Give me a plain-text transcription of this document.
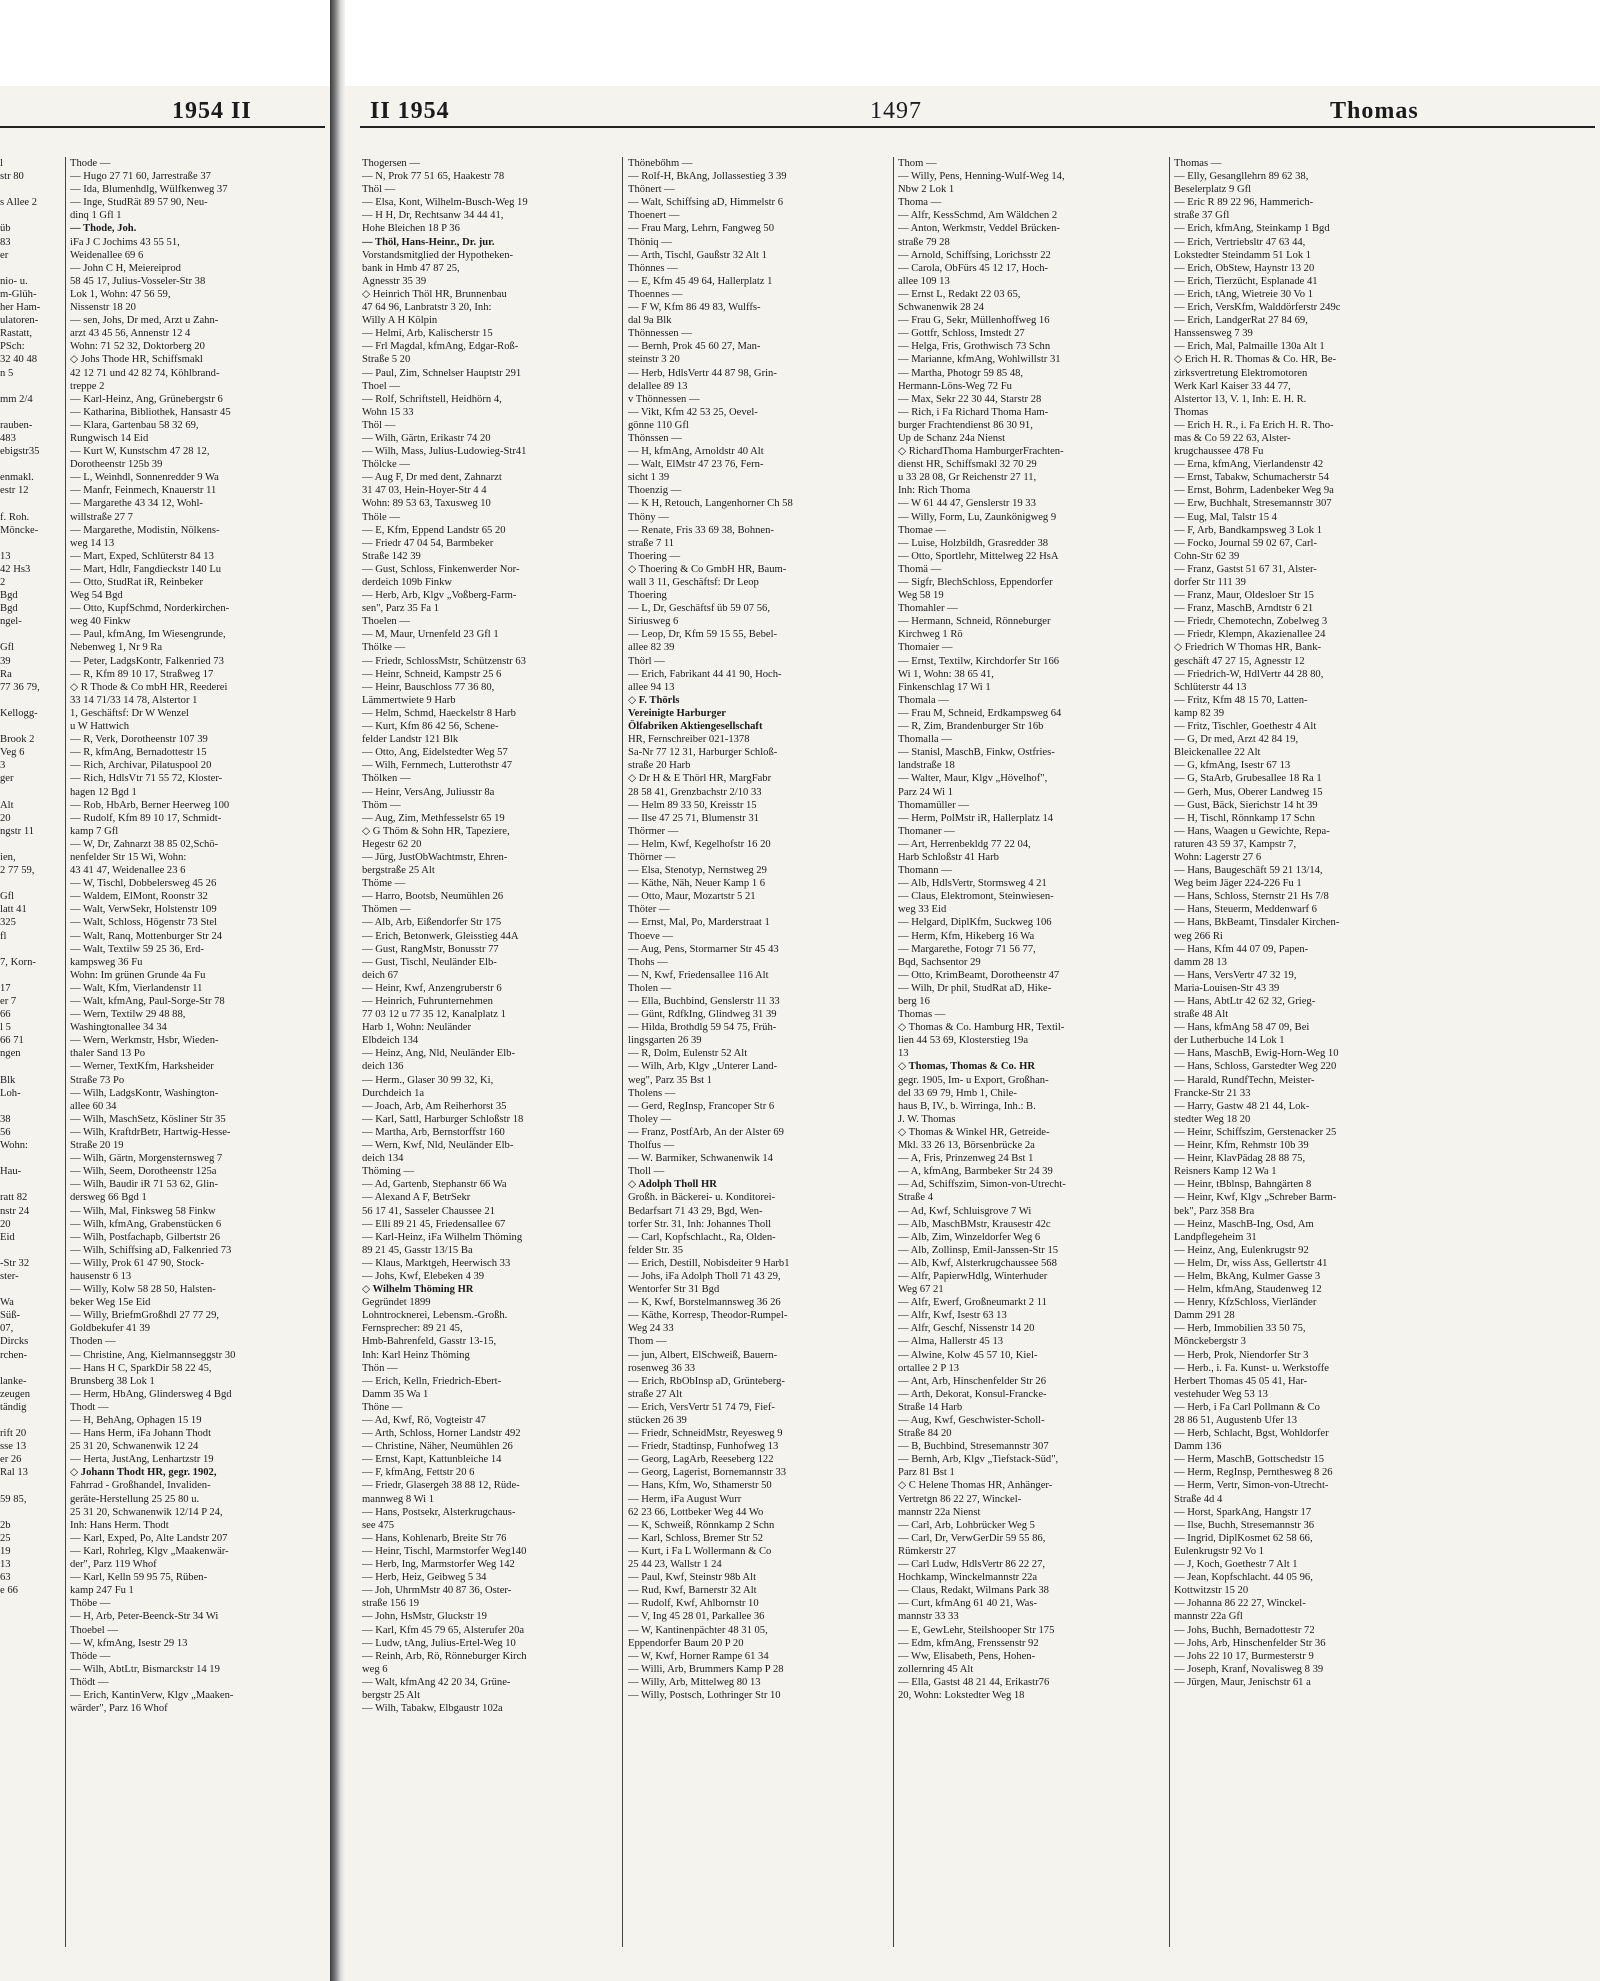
1954 II	II 1954	1497	Thomas
l
str 80
s Allee 2
üb
83
er
nio- u.
m-Glüh-
her Ham-
ulatoren-
Rastatt,
PSch:
32 40 48
n 5
mm 2/4
rauben-
483
ebigstr35
enmakl.
estr 12
f. Roh.
Mönckе-
13
42 Hs3
2
Bgd
Bgd
ngel-
Gfl
39
Ra
77 36 79,
Kellogg-
Brook 2
Veg 6
3
ger
Alt
20
ngstr 11
ien,
2 77 59,
Gfl
latt 41
325
fl
7, Korn-
17
er 7
66
l 5
66 71
ngen
Blk
Loh-
38
56
Wohn:
Hau-
ratt 82
nstr 24
20
Eid
-Str 32
ster-
Wa
Süß-
07,
Dircks
rchen-
lanke-
zeugen
tändig
rift 20
sse 13
er 26
Ral 13
59 85,
2b
25
19
13
63
e 66
Thode —
— Hugo 27 71 60, Jarrestraße 37
— Ida, Blumenhdlg, Wülfkenweg 37
— Inge, StudRät 89 57 90, Neu-
dinq 1 Gfl 1
— Thode, Joh.
iFa J C Jochims 43 55 51,
Weidenallee 69 6
— John C H, Meiereiprod
58 45 17, Julius-Vosseler-Str 38
Lok 1, Wohn: 47 56 59,
Nissenstr 18 20
— sen, Johs, Dr med, Arzt u Zahn-
arzt 43 45 56, Annenstr 12 4
Wohn: 71 52 32, Doktorberg 20
◇ Johs Thode HR, Schiffsmakl
42 12 71 und 42 82 74, Köhlbrand-
treppe 2
— Karl-Heinz, Ang, Grünebergstr 6
— Katharina, Bibliothek, Hansastr 45
— Klara, Gartenbau 58 32 69,
Rungwisch 14 Eid
— Kurt W, Kunstschm 47 28 12,
Dorotheenstr 125b 39
— L, Weinhdl, Sonnenredder 9 Wa
— Manfr, Feinmech, Knauerstr 11
— Margarethe 43 34 12, Wohl-
willstraße 27 7
— Margarethe, Modistin, Nölkens-
weg 14 13
— Mart, Exped, Schlüterstr 84 13
— Mart, Hdlr, Fangdieckstr 140 Lu
— Otto, StudRat iR, Reinbeker
Weg 54 Bgd
— Otto, KupfSchmd, Norderkirchen-
weg 40 Finkw
— Paul, kfmAng, Im Wiesengrunde,
Nebenweg 1, Nr 9 Ra
— Peter, LadgsKontr, Falkenried 73
— R, Kfm 89 10 17, Straßweg 17
◇ R Thode & Co mbH HR, Reederei
33 14 71/33 14 78, Alstertor 1
1, Geschäftsf: Dr W Wenzel
u W Hattwich
— R, Verk, Dorotheenstr 107 39
— R, kfmAng, Bernadottestr 15
— Rich, Archivar, Pilatuspool 20
— Rich, HdlsVtr 71 55 72, Kloster-
hagen 12 Bgd 1
— Rob, HbArb, Berner Heerweg 100
— Rudolf, Kfm 89 10 17, Schmidt-
kamp 7 Gfl
— W, Dr, Zahnarzt 38 85 02,Schö-
nenfelder Str 15 Wi, Wohn:
43 41 47, Weidenallee 23 6
— W, Tischl, Dobbelersweg 45 26
— Waldem, ElMont, Roonstr 32
— Walt, VerwSekr, Holstenstr 109
— Walt, Schloss, Högenstr 73 Stel
— Walt, Ranq, Mottenburger Str 24
— Walt, Textilw 59 25 36, Erd-
kampsweg 36 Fu
Wohn: Im grünen Grunde 4a Fu
— Walt, Kfm, Vierlandenstr 11
— Walt, kfmAng, Paul-Sorge-Str 78
— Wern, Textilw 29 48 88,
Washingtonallee 34 34
— Wern, Werkmstr, Hsbr, Wieden-
thaler Sand 13 Po
— Werner, TextKfm, Harksheider
Straße 73 Po
— Wilh, LadgsKontr, Washington-
allee 60 34
— Wilh, MaschSetz, Kösliner Str 35
— Wilh, KraftdrBetr, Hartwig-Hesse-
Straße 20 19
— Wilh, Gärtn, Morgensternsweg 7
— Wilh, Seem, Dorotheenstr 125a
— Wilh, Baudir iR 71 53 62, Glin-
dersweg 66 Bgd 1
— Wilh, Mal, Finksweg 58 Finkw
— Wilh, kfmAng, Grabenstücken 6
— Wilh, Postfachарb, Gilbertstr 26
— Wilh, Schiffsing aD, Falkenried 73
— Willy, Prok 61 47 90, Stock-
hausenstr 6 13
— Willy, Kolw 58 28 50, Halsten-
beker Weg 15e Eid
— Willy, BriefmGroßhdl 27 77 29,
Goldbekufer 41 39
Thoden —
— Christine, Ang, Kielmannseggstr 30
— Hans H C, SparkDir 58 22 45,
Brunsberg 38 Lok 1
— Herm, HbAng, Glindersweg 4 Bgd
Thodt —
— H, BehAng, Ophagen 15 19
— Hans Herm, iFa Johann Thodt
25 31 20, Schwanenwik 12 24
— Herta, JustAng, Lenhartzstr 19
◇ Johann Thodt HR, gegr. 1902,
Fahrrad - Großhandel, Invaliden-
geräte-Herstellung 25 25 80 u.
25 31 20, Schwanenwik 12/14 P 24,
Inh: Hans Herm. Thodt
— Karl, Exped, Po, Alte Landstr 207
— Karl, Rohrleg, Klgv „Maakenwär-
der", Parz 119 Whof
— Karl, Kelln 59 95 75, Rüben-
kamp 247 Fu 1
Thöbe —
— H, Arb, Peter-Beenck-Str 34 Wi
Thoebel —
— W, kfmAng, Isestr 29 13
Thöde —
— Wilh, AbtLtr, Bismarckstr 14 19
Thödt —
— Erich, KantinVerw, Klgv „Maaken-
wärder", Parz 16 Whof
Thogersen —
— N, Prok 77 51 65, Haakestr 78
Thöl —
— Elsa, Kont, Wilhelm-Busch-Weg 19
— H H, Dr, Rechtsanw 34 44 41,
Hohe Bleichen 18 P 36
— Thöl, Hans-Heinr., Dr. jur.
Vorstandsmitglied der Hypotheken-
bank in Hmb 47 87 25,
Agnesstr 35 39
◇ Heinrich Thöl HR, Brunnenbau
47 64 96, Lanbratstr 3 20, Inh:
Willy A H Kölpin
— Helmi, Arb, Kalischerstr 15
— Frl Magdal, kfmAng, Edgar-Roß-
Straße 5 20
— Paul, Zim, Schnelser Hauptstr 291
Thoel —
— Rolf, Schriftstell, Heidhörn 4,
Wohn 15 33
Thöl —
— Wilh, Gärtn, Erikastr 74 20
— Wilh, Mass, Julius-Ludowieg-Str41
Thölcke —
— Aug F, Dr med dent, Zahnarzt
31 47 03, Hein-Hoyer-Str 4 4
Wohn: 89 53 63, Taxusweg 10
Thöle —
— E, Kfm, Eppend Landstr 65 20
— Friedr 47 04 54, Barmbeker
Straße 142 39
— Gust, Schloss, Finkenwerder Nor-
derdeich 109b Finkw
— Herb, Arb, Klgv „Voßberg-Farm-
sen", Parz 35 Fa 1
Thoelen —
— M, Maur, Urnenfeld 23 Gfl 1
Thölke —
— Friedr, SchlossMstr, Schützenstr 63
— Heinr, Schneid, Kampstr 25 6
— Heinr, Bauschloss 77 36 80,
Lämmertwiete 9 Harb
— Helm, Schmd, Haeckelstr 8 Harb
— Kurt, Kfm 86 42 56, Schene-
felder Landstr 121 Blk
— Otto, Ang, Eidelstedter Weg 57
— Wilh, Fernmech, Lutterothstr 47
Thölken —
— Heinr, VersAng, Juliusstr 8a
Thöm —
— Aug, Zim, Methfesselstr 65 19
◇ G Thöm & Sohn HR, Tapeziere,
Hegestr 62 20
— Jürg, JustObWachtmstr, Ehren-
bergstraße 25 Alt
Thöme —
— Harro, Bootsb, Neumühlen 26
Thömen —
— Alb, Arb, Eißendorfer Str 175
— Erich, Betonwerk, Gleisstieg 44A
— Gust, RangMstr, Bonusstr 77
— Gust, Tischl, Neuländer Elb-
deich 67
— Heinr, Kwf, Anzengruberstr 6
— Heinrich, Fuhrunternehmen
77 03 12 u 77 35 12, Kanalplatz 1
Harb 1, Wohn: Neuländer
Elbdeich 134
— Heinz, Ang, Nld, Neuländer Elb-
deich 136
— Herm., Glaser 30 99 32, Ki,
Durchdeich 1a
— Joach, Arb, Am Reiherhorst 35
— Karl, Sattl, Harburger Schloßstr 18
— Martha, Arb, Bernstorffstr 160
— Wern, Kwf, Nld, Neuländer Elb-
deich 134
Thöming —
— Ad, Gartenb, Stephanstr 66 Wa
— Alexand A F, BetrSekr
56 17 41, Sasseler Chaussee 21
— Elli 89 21 45, Friedensallee 67
— Karl-Heinz, iFa Wilhelm Thöming
89 21 45, Gasstr 13/15 Ba
— Klaus, Marktgeh, Heerwisch 33
— Johs, Kwf, Elebeken 4 39
◇ Wilhelm Thöming HR
Gegründet 1899
Lohntrocknerei, Lebensm.-Großh.
Fernsprecher: 89 21 45,
Hmb-Bahrenfeld, Gasstr 13-15,
Inh: Karl Heinz Thöming
Thön —
— Erich, Kelln, Friedrich-Ebert-
Damm 35 Wa 1
Thöne —
— Ad, Kwf, Rö, Vogteistr 47
— Arth, Schloss, Horner Landstr 492
— Christine, Näher, Neumühlen 26
— Ernst, Kapt, Kattunbleiche 14
— F, kfmAng, Fettstr 20 6
— Friedr, Glasergeh 38 88 12, Rüde-
mannweg 8 Wi 1
— Hans, Postsekr, Alsterkrugchaus-
see 475
— Hans, Kohlenarb, Breite Str 76
— Heinr, Tischl, Marmstorfer Weg140
— Herb, Ing, Marmstorfer Weg 142
— Herb, Heiz, Geibweg 5 34
— Joh, UhrmMstr 40 87 36, Oster-
straße 156 19
— John, HsMstr, Gluckstr 19
— Karl, Kfm 45 79 65, Alsterufer 20a
— Ludw, tAng, Julius-Ertel-Weg 10
— Reinh, Arb, Rö, Rönneburger Kirch
weg 6
— Walt, kfmAng 42 20 34, Grüne-
bergstr 25 Alt
— Wilh, Tabakw, Elbgaustr 102a
Thönebőhm —
— Rolf-H, BkAng, Jollassestieg 3 39
Thönert —
— Walt, Schiffsing aD, Himmelstr 6
Thoenert —
— Frau Marg, Lehrn, Fangweg 50
Thöniq —
— Arth, Tischl, Gaußstr 32 Alt 1
Thönnes —
— E, Kfm 45 49 64, Hallerplatz 1
Thoennes —
— F W, Kfm 86 49 83, Wulffs-
dal 9a Blk
Thönnessen —
— Bernh, Prok 45 60 27, Man-
steinstr 3 20
— Herb, HdlsVertr 44 87 98, Grin-
delallee 89 13
v Thönnessen —
— Vikt, Kfm 42 53 25, Oevel-
gönne 110 Gfl
Thönssen —
— H, kfmAng, Arnoldstr 40 Alt
— Walt, ElMstr 47 23 76, Fern-
sicht 1 39
Thoenzig —
— K H, Retouch, Langenhorner Ch 58
Thöny —
— Renate, Fris 33 69 38, Bohnen-
straße 7 11
Thoering —
◇ Thoering & Co GmbH HR, Baum-
wall 3 11, Geschäftsf: Dr Leop
Thoering
— L, Dr, Geschäftsf üb 59 07 56,
Siriusweg 6
— Leop, Dr, Kfm 59 15 55, Bebel-
allee 82 39
Thörl —
— Erich, Fabrikant 44 41 90, Hoch-
allee 94 13
◇ F. Thörls
Vereinigte Harburger
Ölfabriken Aktiengesellschaft
HR, Fernschreiber 021-1378
Sa-Nr 77 12 31, Harburger Schloß-
straße 20 Harb
◇ Dr H & E Thörl HR, MargFabr
28 58 41, Grenzbachstr 2/10 33
— Helm 89 33 50, Kreisstr 15
— Ilse 47 25 71, Blumenstr 31
Thörmer —
— Helm, Kwf, Kegelhofstr 16 20
Thörner —
— Elsa, Stenotyp, Nernstweg 29
— Käthe, Näh, Neuer Kamp 1 6
— Otto, Maur, Mozartstr 5 21
Thöter —
— Ernst, Mal, Po, Marderstraat 1
Thoeve —
— Aug, Pens, Stormarner Str 45 43
Thohs —
— N, Kwf, Friedensallee 116 Alt
Tholen —
— Ella, Buchbind, Genslerstr 11 33
— Günt, RdfkIng, Glindweg 31 39
— Hilda, Brothdlg 59 54 75, Früh-
lingsgarten 26 39
— R, Dolm, Eulenstr 52 Alt
— Wilh, Arb, Klgv „Unterer Land-
weg", Parz 35 Bst 1
Tholens —
— Gerd, RegInsp, Francoper Str 6
Tholey —
— Franz, PostfArb, An der Alster 69
Tholfus —
— W. Barmiker, Schwanenwik 14
Tholl —
◇ Adolph Tholl HR
Großh. in Bäckerei- u. Konditorei-
Bedarfsart 71 43 29, Bgd, Wen-
torfer Str. 31, Inh: Johannes Tholl
— Carl, Kopfschlacht., Ra, Olden-
felder Str. 35
— Erich, Destill, Nobisdeiter 9 Harb1
— Johs, iFa Adolph Tholl 71 43 29,
Wentorfer Str 31 Bgd
— K, Kwf, Borstelmannsweg 36 26
— Käthe, Korresp, Theodor-Rumpel-
Weg 24 33
Thom —
— jun, Albert, ElSchweiß, Bauern-
rosenweg 36 33
— Erich, RbObInsp aD, Grünteberg-
straße 27 Alt
— Erich, VersVertr 51 74 79, Fief-
stücken 26 39
— Friedr, SchneidMstr, Reyesweg 9
— Friedr, Stadtinsp, Funhofweg 13
— Georg, LagArb, Reeseberg 122
— Georg, Lagerist, Bornemannstr 33
— Hans, Kfm, Wo, Sthamerstr 50
— Herm, iFa August Wurr
62 23 66, Lottbeker Weg 44 Wo
— K, Schweiß, Rönnkamp 2 Schn
— Karl, Schloss, Bremer Str 52
— Kurt, i Fa L Wollermann & Co
25 44 23, Wallstr 1 24
— Paul, Kwf, Steinstr 98b Alt
— Rud, Kwf, Barnerstr 32 Alt
— Rudolf, Kwf, Ahlbornstr 10
— V, Ing 45 28 01, Parkallee 36
— W, Kantinenpächter 48 31 05,
Eppendorfer Baum 20 P 20
— W, Kwf, Horner Rampe 61 34
— Willi, Arb, Brummers Kamp P 28
— Willy, Arb, Mittelweg 80 13
— Willy, Postsch, Lothringer Str 10
Thom —
— Willy, Pens, Henning-Wulf-Weg 14,
Nbw 2 Lok 1
Thoma —
— Alfr, KessSchmd, Am Wäldchen 2
— Anton, Werkmstr, Veddel Brücken-
straße 79 28
— Arnold, Schiffsing, Lorichsstr 22
— Carola, ObFürs 45 12 17, Hoch-
allee 109 13
— Ernst L, Redakt 22 03 65,
Schwanenwik 28 24
— Frau G, Sekr, Müllenhoffweg 16
— Gottfr, Schloss, Imstedt 27
— Helga, Fris, Grothwisch 73 Schn
— Marianne, kfmAng, Wohlwillstr 31
— Martha, Photogr 59 85 48,
Hermann-Löns-Weg 72 Fu
— Max, Sekr 22 30 44, Starstr 28
— Rich, i Fa Richard Thoma Ham-
burger Frachtendienst 86 30 91,
Up de Schanz 24a Nienst
◇ RichardThoma HamburgerFrachten-
dienst HR, Schiffsmakl 32 70 29
u 33 28 08, Gr Reichenstr 27 11,
Inh: Rich Thoma
— W 61 44 47, Genslerstr 19 33
— Willy, Form, Lu, Zaunkönigweg 9
Thomae —
— Luise, Holzbildh, Grasredder 38
— Otto, Sportlehr, Mittelweg 22 HsA
Thomä —
— Sigfr, BlechSchloss, Eppendorfer
Weg 58 19
Thomahler —
— Hermann, Schneid, Rönneburger
Kirchweg 1 Rö
Thomaier —
— Ernst, Textilw, Kirchdorfer Str 166
Wi 1, Wohn: 38 65 41,
Finkenschlag 17 Wi 1
Thomala —
— Frau M, Schneid, Erdkampsweg 64
— R, Zim, Brandenburger Str 16b
Thomalla —
— Stanisl, MaschB, Finkw, Ostfries-
landstraße 18
— Walter, Maur, Klgv „Hövelhof",
Parz 24 Wi 1
Thomamüller —
— Herm, PolMstr iR, Hallerplatz 14
Thomaner —
— Art, Herrenbekldg 77 22 04,
Harb Schloßstr 41 Harb
Thomann —
— Alb, HdlsVertr, Stormsweg 4 21
— Claus, Elektromont, Steinwiesen-
weg 33 Eid
— Helgard, DiplKfm, Suckweg 106
— Herm, Kfm, Hikeberg 16 Wa
— Margarethe, Fotogr 71 56 77,
Bqd, Sachsentor 29
— Otto, KrimBeamt, Dorotheenstr 47
— Wilh, Dr phil, StudRat aD, Hike-
berg 16
Thomas —
◇ Thomas & Co. Hamburg HR, Textil-
lien 44 53 69, Klosterstieg 19a
13
◇ Thomas, Thomas & Co. HR
gegr. 1905, Im- u Export, Großhan-
del 33 69 79, Hmb 1, Chile-
haus B, IV., b. Wirringa, Inh.: B.
J. W. Thomas
◇ Thomas & Winkel HR, Getreide-
Mkl. 33 26 13, Börsenbrücke 2a
— A, Fris, Prinzenweg 24 Bst 1
— A, kfmAng, Barmbeker Str 24 39
— Ad, Schiffszim, Simon-von-Utrecht-
Straße 4
— Ad, Kwf, Schluisgrove 7 Wi
— Alb, MaschBMstr, Krausestr 42c
— Alb, Zim, Winzeldorfer Weg 6
— Alb, Zollinsp, Emil-Janssen-Str 15
— Alb, Kwf, Alsterkrugchaussee 568
— Alfr, PapierwHdlg, Winterhuder
Weg 67 21
— Alfr, Ewerf, Großneumarkt 2 11
— Alfr, Kwf, Isestr 63 13
— Alfr, Geschf, Nissenstr 14 20
— Alma, Hallerstr 45 13
— Alwine, Kolw 45 57 10, Kiel-
ortallee 2 P 13
— Ant, Arb, Hinschenfelder Str 26
— Arth, Dekorat, Konsul-Francke-
Straße 14 Harb
— Aug, Kwf, Geschwister-Scholl-
Straße 84 20
— B, Buchbind, Stresemannstr 307
— Bernh, Arb, Klgv „Tiefstack-Süd",
Parz 81 Bst 1
◇ C Helene Thomas HR, Anhänger-
Vertretgn 86 22 27, Winckel-
mannstr 22a Nienst
— Carl, Arb, Lohbrücker Weg 5
— Carl, Dr, VerwGerDir 59 55 86,
Rümkerstr 27
— Carl Ludw, HdlsVertr 86 22 27,
Hochkamp, Winckelmannstr 22a
— Claus, Redakt, Wilmans Park 38
— Curt, kfmAng 61 40 21, Was-
mannstr 33 33
— E, GewLehr, Steilshooper Str 175
— Edm, kfmAng, Frenssenstr 92
— Ww, Elisabeth, Pens, Hohen-
zollernring 45 Alt
— Ella, Gastst 48 21 44, Erikastr76
20, Wohn: Lokstedter Weg 18
Thomas —
— Elly, Gesangllehrn 89 62 38,
Beselerplatz 9 Gfl
— Eric R 89 22 96, Hammerich-
straße 37 Gfl
— Erich, kfmAng, Steinkamp 1 Bgd
— Erich, Vertriebsltr 47 63 44,
Lokstedter Steindamm 51 Lok 1
— Erich, ObStew, Haynstr 13 20
— Erich, Tierzücht, Esplanade 41
— Erich, tAng, Wietreie 30 Vo 1
— Erich, VersKfm, Walddörferstr 249c
— Erich, LandgerRat 27 84 69,
Hanssensweg 7 39
— Erich, Mal, Palmaille 130a Alt 1
◇ Erich H. R. Thomas & Co. HR, Be-
zirksvertretung Elektromotoren
Werk Karl Kaiser 33 44 77,
Alstertor 13, V. 1, Inh: E. H. R.
Thomas
— Erich H. R., i. Fa Erich H. R. Tho-
mas & Co 59 22 63, Alster-
krugchaussee 478 Fu
— Erna, kfmAng, Vierlandenstr 42
— Ernst, Tabakw, Schumacherstr 54
— Ernst, Bohrm, Ladenbeker Weg 9a
— Erw, Buchhalt, Stresemannstr 307
— Eug, Mal, Talstr 15 4
— F, Arb, Bandkampsweg 3 Lok 1
— Focko, Journal 59 02 67, Carl-
Cohn-Str 62 39
— Franz, Gastst 51 67 31, Alster-
dorfer Str 111 39
— Franz, Maur, Oldesloer Str 15
— Franz, MaschB, Arndtstr 6 21
— Friedr, Chemotechn, Zobelweg 3
— Friedr, Klempn, Akazienallee 24
◇ Friedrich W Thomas HR, Bank-
geschäft 47 27 15, Agnesstr 12
— Friedrich-W, HdlVertr 44 28 80,
Schlüterstr 44 13
— Fritz, Kfm 48 15 70, Latten-
kamp 82 39
— Fritz, Tischler, Goethestr 4 Alt
— G, Dr med, Arzt 42 84 19,
Bleickenallee 22 Alt
— G, kfmAng, Isestr 67 13
— G, StaArb, Grubesallee 18 Ra 1
— Gerh, Mus, Oberer Landweg 15
— Gust, Bäck, Sierichstr 14 ht 39
— H, Tischl, Rönnkamp 17 Schn
— Hans, Waagen u Gewichte, Repa-
raturen 43 59 37, Kampstr 7,
Wohn: Lagerstr 27 6
— Hans, Baugeschäft 59 21 13/14,
Weg beim Jäger 224-226 Fu 1
— Hans, Schloss, Sternstr 21 Hs 7/8
— Hans, Steuerm, Meddenwarf 6
— Hans, BkBeamt, Tinsdaler Kirchen-
weg 266 Ri
— Hans, Kfm 44 07 09, Papen-
damm 28 13
— Hans, VersVertr 47 32 19,
Maria-Louisen-Str 43 39
— Hans, AbtLtr 42 62 32, Grieg-
straße 48 Alt
— Hans, kfmAng 58 47 09, Bei
der Lutherbuche 14 Lok 1
— Hans, MaschB, Ewig-Horn-Weg 10
— Hans, Schloss, Garstedter Weg 220
— Harald, RundfTechn, Meister-
Francke-Str 21 33
— Harry, Gastw 48 21 44, Lok-
stedter Weg 18 20
— Heinr, Schiffszim, Gerstenacker 25
— Heinr, Kfm, Rehmstr 10b 39
— Heinr, KlavPädag 28 88 75,
Reisners Kamp 12 Wa 1
— Heinr, tBblnsp, Bahngärten 8
— Heinr, Kwf, Klgv „Schreber Barm-
bek", Parz 358 Bra
— Heinz, MaschB-Ing, Osd, Am
Landpflegeheim 31
— Heinz, Ang, Eulenkrugstr 92
— Helm, Dr, wiss Ass, Gellertstr 41
— Helm, BkAng, Kulmer Gasse 3
— Helm, kfmAng, Staudenweg 12
— Henry, KfzSchloss, Vierländer
Damm 291 28
— Herb, Immobilien 33 50 75,
Mönckebergstr 3
— Herb, Prok, Niendorfer Str 3
— Herb., i. Fa. Kunst- u. Werkstoffe
Herbert Thomas 45 05 41, Har-
vestehuder Weg 53 13
— Herb, i Fa Carl Pollmann & Co
28 86 51, Augustenb Ufer 13
— Herb, Schlacht, Bgst, Wohldorfer
Damm 136
— Herm, MaschB, Gottschedstr 15
— Herm, RegInsp, Pernthesweg 8 26
— Herm, Vertr, Simon-von-Utrecht-
Straße 4d 4
— Horst, SparkAng, Hangstr 17
— Ilse, Buchh, Stresemannstr 36
— Ingrid, DiplKosmet 62 58 66,
Eulenkrugstr 92 Vo 1
— J, Koch, Goethestr 7 Alt 1
— Jean, Kopfschlacht. 44 05 96,
Kottwitzstr 15 20
— Johanna 86 22 27, Winckel-
mannstr 22a Gfl
— Johs, Buchh, Bernadottestr 72
— Johs, Arb, Hinschenfelder Str 36
— Johs 22 10 17, Burmesterstr 9
— Joseph, Kranf, Novalisweg 8 39
— Jürgen, Maur, Jenischstr 61 a
